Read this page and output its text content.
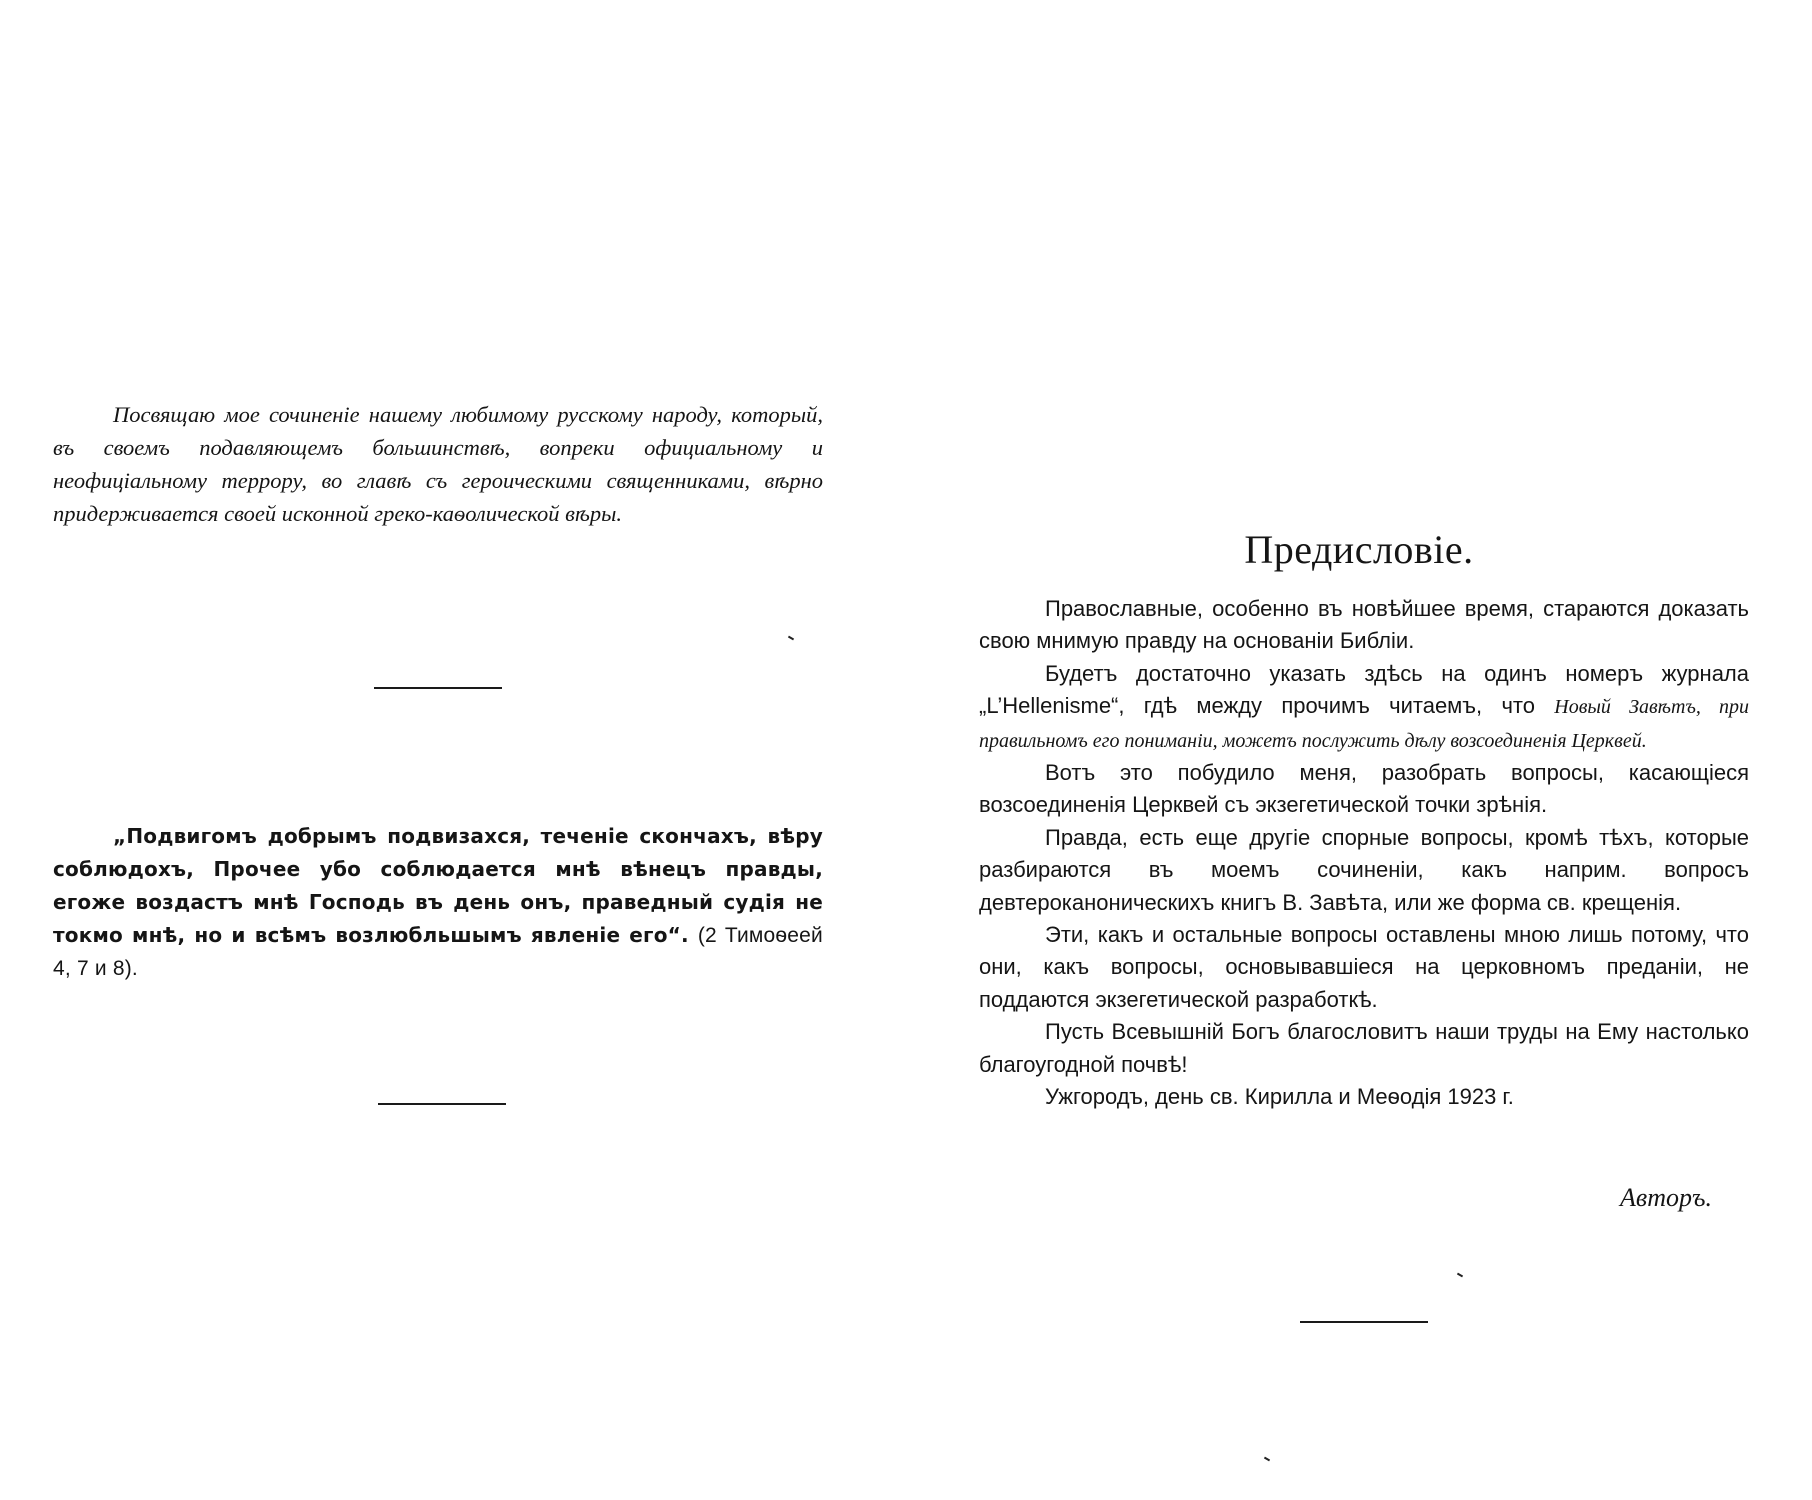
Посвящаю мое сочиненіе нашему любимому русскому народу, который, въ своемъ подавляющемъ большинствѣ, вопреки официальному и неофиціальному террору, во главѣ съ героическими священниками, вѣрно придерживается своей исконной греко-каѳолической вѣры.

„Подвигомъ добрымъ подвизахся, теченіе скончахъ, вѣру соблюдохъ, Прочее убо соблюдается мнѣ вѣнецъ правды, егоже воздастъ мнѣ Господь въ день онъ, праведный судія не токмо мнѣ, но и всѣмъ возлюбльшымъ явленіе его“. (2 Тимоѳеей 4, 7 и 8).

Предисловіе.

Православные, особенно въ новѣйшее время, стараются доказать свою мнимую правду на основаніи Библіи.

Будетъ достаточно указать здѣсь на одинъ номеръ журнала „L’Hellenisme“, гдѣ между прочимъ читаемъ, что Новый Завѣтъ, при правильномъ его пониманіи, можетъ послужить дѣлу возсоединенія Церквей.

Вотъ это побудило меня, разобрать вопросы, касающіеся возсоединенія Церквей съ экзегетической точки зрѣнія.

Правда, есть еще другіе спорные вопросы, кромѣ тѣхъ, которые разбираются въ моемъ сочиненіи, какъ наприм. вопросъ девтероканоническихъ книгъ В. Завѣта, или же форма св. крещенія.

Эти, какъ и остальные вопросы оставлены мною лишь потому, что они, какъ вопросы, основывавшіеся на церковномъ преданіи, не поддаются экзегетической разработкѣ.

Пусть Всевышній Богъ благословитъ наши труды на Ему настолько благоугодной почвѣ!

Ужгородъ, день св. Кирилла и Меѳодія 1923 г.

Авторъ.
